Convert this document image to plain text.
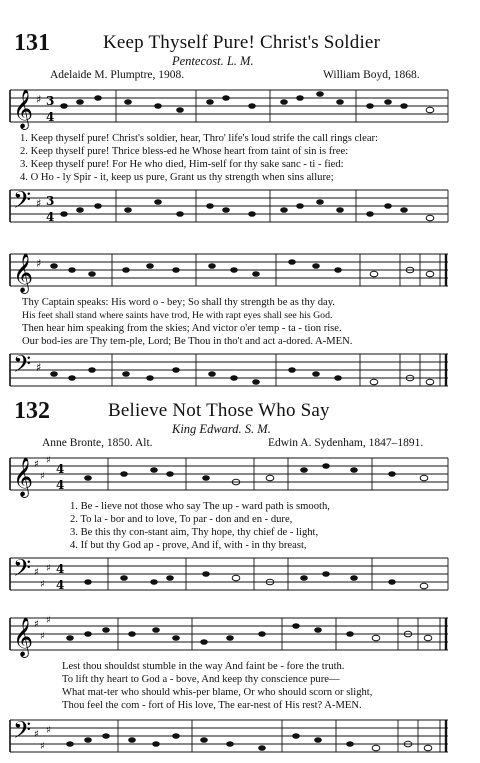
131	Keep Thyself Pure! Christ's Soldier
Pentecost. L. M.
Adelaide M. Plumptre, 1908.	William Boyd, 1868.
𝄞 ♯ 3
4
1. Keep thyself pure! Christ's soldier, hear, Thro' life's loud strife the call rings clear:
2. Keep thyself pure! Thrice bless-ed he Whose heart from taint of sin is free:
3. Keep thyself pure! For He who died, Him-self for thy sake sanc - ti - fied:
4. O Ho - ly Spir - it, keep us pure, Grant us thy strength when sins allure;
𝄢 ♯ 3
4
𝄞 ♯
Thy Captain speaks: His word o - bey; So shall thy strength be as thy day.
His feet shall stand where saints have trod, He with rapt eyes shall see his God.
Then hear him speaking from the skies; And victor o'er temp - ta - tion rise.
Our bod-ies are Thy tem-ple, Lord; Be Thou in tho't and act a-dored. A-MEN.
𝄢 ♯
132	Believe Not Those Who Say
King Edward. S. M.
Anne Bronte, 1850. Alt.	Edwin A. Sydenham, 1847–1891.
𝄞 ♯
♯
♯
4
4
1. Be - lieve not those who say The up - ward path is smooth,
2. To la - bor and to love, To par - don and en - dure,
3. Be this thy con-stant aim, Thy hope, thy chief de - light,
4. If but thy God ap - prove, And if, with - in thy breast,
𝄢 ♯
♯
♯ 4
4
𝄞 ♯
♯
♯
Lest thou shouldst stumble in the way And faint be - fore the truth.
To lift thy heart to God a - bove, And keep thy conscience pure—
What mat-ter who should whis-per blame, Or who should scorn or slight,
Thou feel the com - fort of His love, The ear-nest of His rest? A-MEN.
𝄢 ♯
♯
♯
